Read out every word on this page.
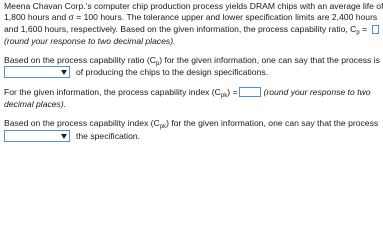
Meena Chavan Corp.'s computer chip production process yields DRAM chips with an average life of
1,800 hours and σ = 100 hours. The tolerance upper and lower specification limits are 2,400 hours
and 1,600 hours, respectively. Based on the given information, the process capability ratio, $C_p$ =
(round your response to two decimal places).
Based on the process capability ratio $(C_p)$ for the given information, one can say that the process is
of producing the chips to the design specifications.
For the given information, the process capability index $(C_{pk})$ =	(round your response to two
decimal places).
Based on the process capability index $(C_{pk})$ for the given information, one can say that the process
the specification.
